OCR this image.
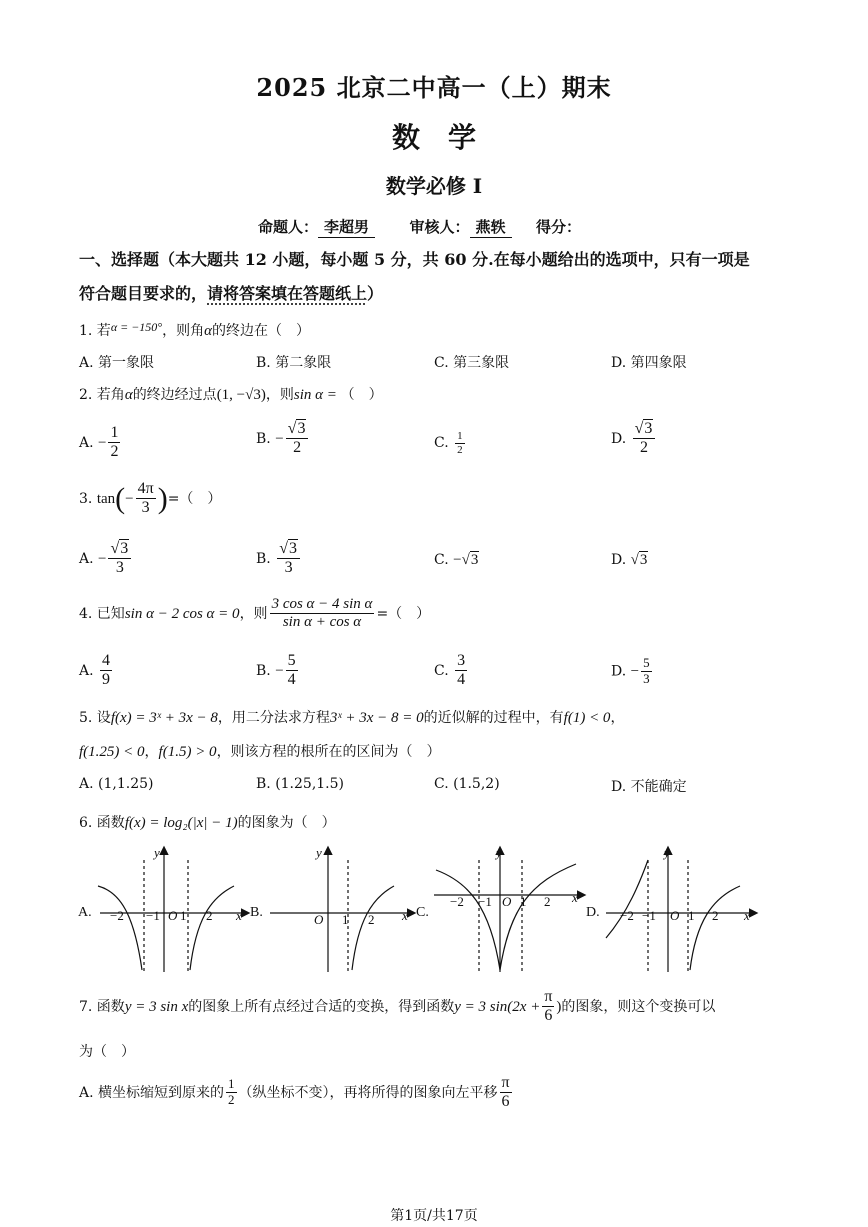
2025 北京二中高一（上）期末
数　学
数学必修 I
命题人： 李超男	审核人： 燕轶 得分：
一、选择题（本大题共 12 小题，每小题 5 分，共 60 分.在每小题给出的选项中，只有一项是
符合题目要求的，请将答案填在答题纸上）
1. 若α = −150°，则角α的终边在（　）
A. 第一象限	B. 第二象限	C. 第三象限	D. 第四象限
2. 若角α的终边经过点(1, −√3)，则sin α = （　）
A. − $\frac{1}{2}$	B. − $\frac{√3}{2}$	C. $\frac{1}{2}$	D. $\frac{√3}{2}$
3. $\tan(- \frac{4\pi}{3}$ )=（　）
A. − $\frac{√3}{3}$	B. $\frac{√3}{3}$	C. −√3	D. √3
4. 已知sin α − 2 cos α = 0，则 $\frac{\text{3 cos α − 4 sin α}}{\text{sin α + cos α}}$ =（　）
A. $\frac{4}{9}$	B. − $\frac{5}{4}$	C. $\frac{3}{4}$	D. − $\frac{5}{3}$
5. 设f(x) = 3ˣ + 3x − 8，用二分法求方程3ˣ + 3x − 8 = 0的近似解的过程中，有f(1) < 0，
f(1.25) < 0，f(1.5) > 0，则该方程的根所在的区间为（　）
A. (1,1.25)	B. (1.25,1.5)	C. (1.5,2)	D. 不能确定
6. 函数f(x) = log₂(|x| − 1)的图象为（　）
A.	B.	C.	D.
y
x
O
−2 −1 1 2
y
x
O 1 2
y
x
O
−2 −1 1 2
y
x
O
−2 −1 1 2
7. 函数y = 3 sin x的图象上所有点经过合适的变换，得到函数y = 3 $\sin(2x + \frac{\pi}{6}$ )的图象，则这个变换可以
为（　）
A. 横坐标缩短到原来的 $\frac{1}{2}$ （纵坐标不变），再将所得的图象向左平移 $\frac{\pi}{6}$
第1页/共17页
